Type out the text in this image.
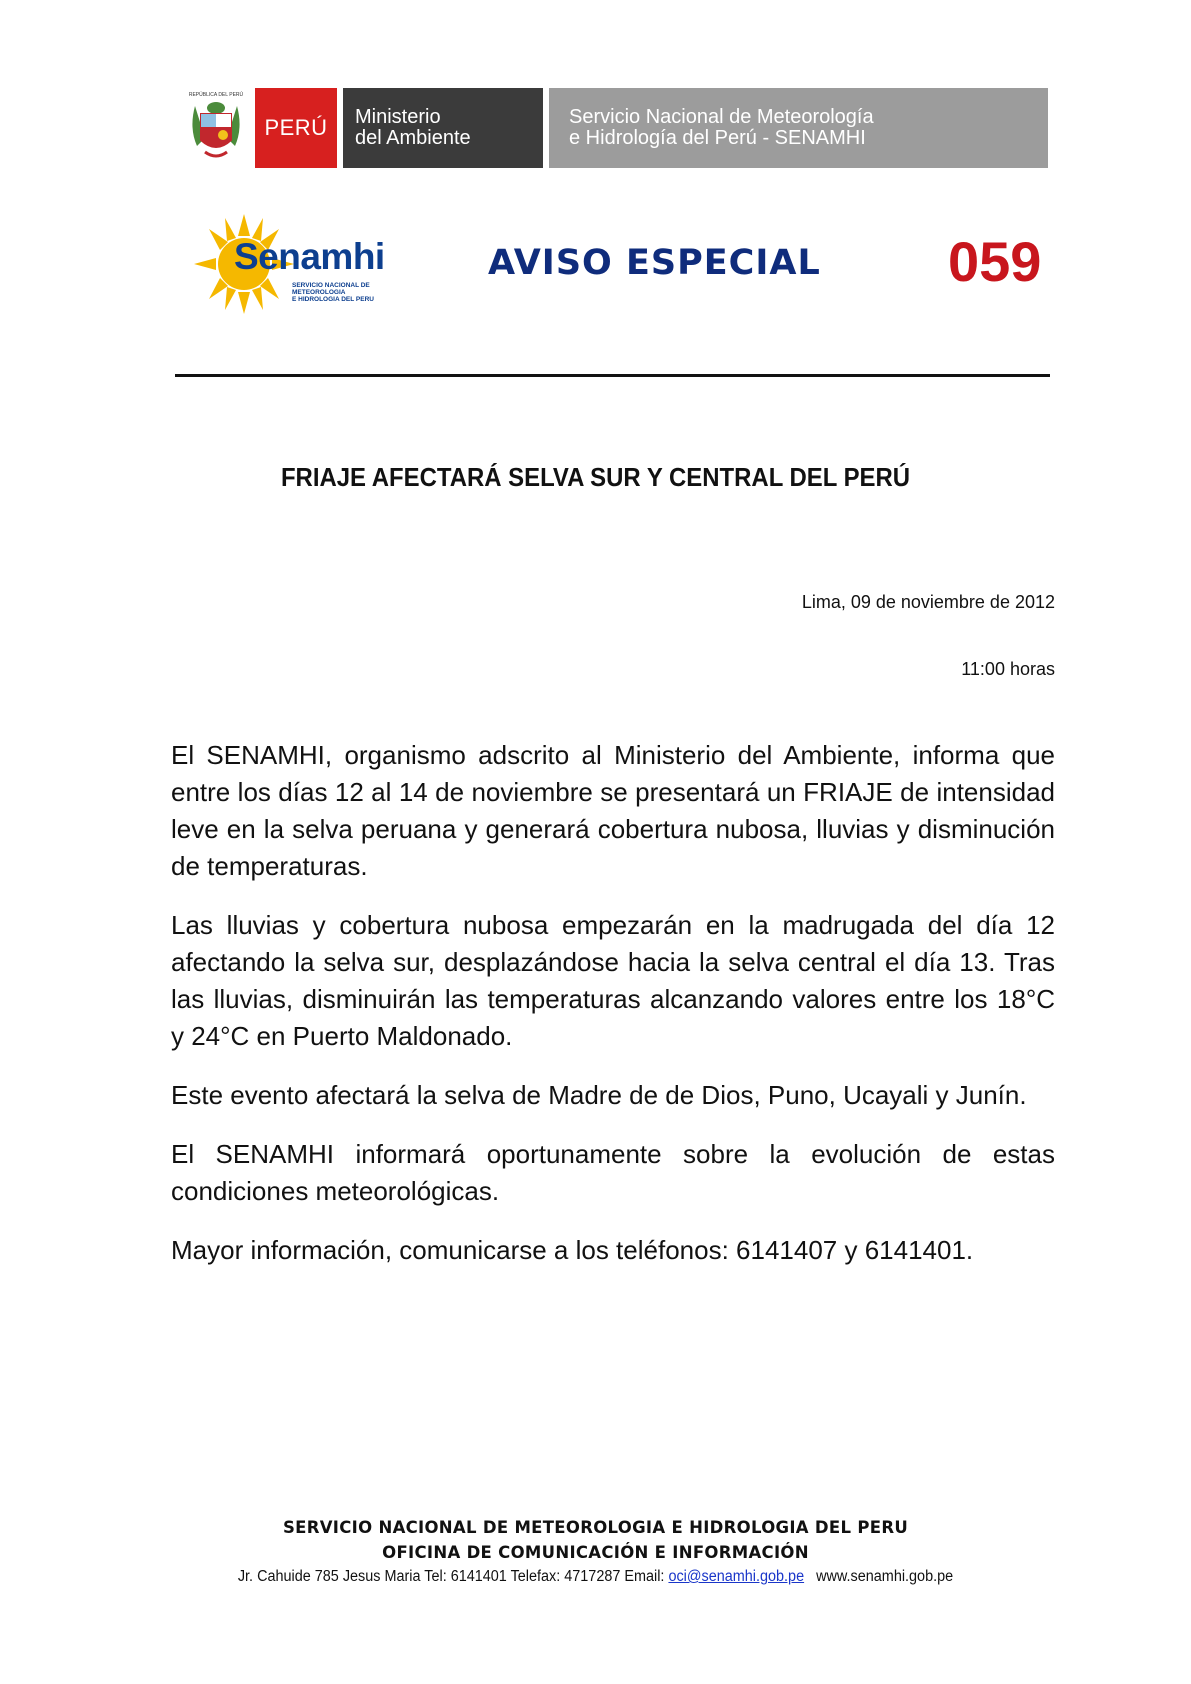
REPÚBLICA DEL PERÚ
PERÚ	Ministerio
del Ambiente
Servicio Nacional de Meteorología
e Hidrología del Perú - SENAMHI
Senamhi
SERVICIO NACIONAL DE METEOROLOGIA
E HIDROLOGIA DEL PERU
AVISO ESPECIAL 059
FRIAJE AFECTARÁ SELVA SUR Y CENTRAL DEL PERÚ
Lima, 09 de noviembre de 2012
11:00 horas

El SENAMHI, organismo adscrito al Ministerio del Ambiente, informa que entre los días 12 al 14 de noviembre se presentará un FRIAJE de intensidad leve en la selva peruana y generará cobertura nubosa, lluvias y disminución de temperaturas.

Las lluvias y cobertura nubosa empezarán en la madrugada del día 12 afectando la selva sur, desplazándose hacia la selva central el día 13. Tras las lluvias, disminuirán las temperaturas alcanzando valores entre los 18°C y 24°C en Puerto Maldonado.

Este evento afectará la selva de Madre de de Dios, Puno, Ucayali y Junín.

El SENAMHI informará oportunamente sobre la evolución de estas condiciones meteorológicas.

Mayor información, comunicarse a los teléfonos: 6141407 y 6141401.

SERVICIO NACIONAL DE METEOROLOGIA E HIDROLOGIA DEL PERU
OFICINA DE COMUNICACIÓN E INFORMACIÓN
Jr. Cahuide 785 Jesus Maria Tel: 6141401 Telefax: 4717287 Email: oci@senamhi.gob.pe www.senamhi.gob.pe
